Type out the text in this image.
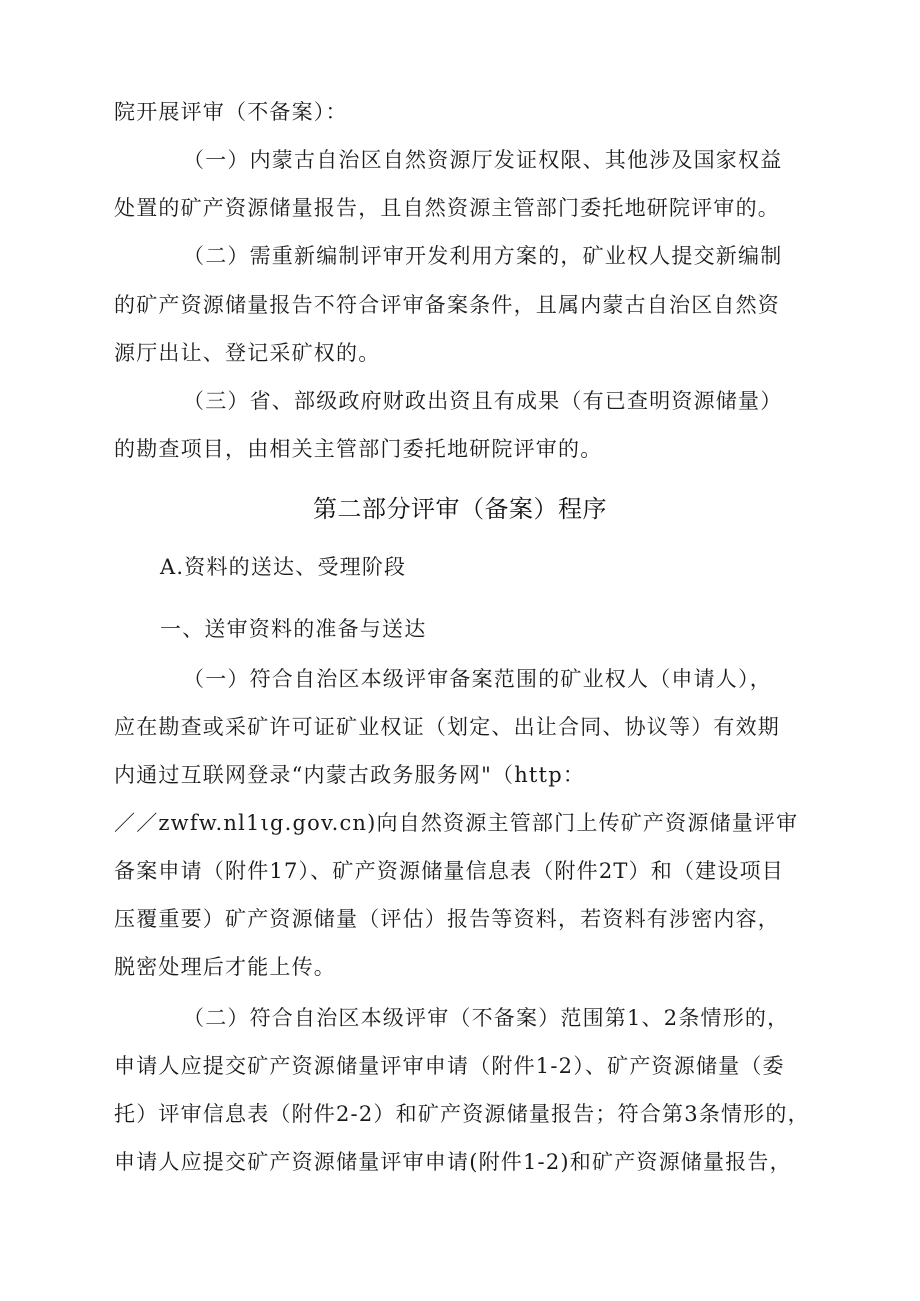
院开展评审（不备案）：
（一）内蒙古自治区自然资源厅发证权限、其他涉及国家权益
处置的矿产资源储量报告，且自然资源主管部门委托地研院评审的。
（二）需重新编制评审开发利用方案的，矿业权人提交新编制
的矿产资源储量报告不符合评审备案条件，且属内蒙古自治区自然资
源厅出让、登记采矿权的。
（三）省、部级政府财政出资且有成果（有已查明资源储量）
的勘查项目，由相关主管部门委托地研院评审的。
第二部分评审（备案）程序
A.资料的送达、受理阶段
一、送审资料的准备与送达
（一）符合自治区本级评审备案范围的矿业权人（申请人），
应在勘查或采矿许可证矿业权证（划定、出让合同、协议等）有效期
内通过互联网登录“内蒙古政务服务网"（http：
／／zwfw.nl1ιg.gov.cn)向自然资源主管部门上传矿产资源储量评审
备案申请（附件17）、矿产资源储量信息表（附件2T）和（建设项目
压覆重要）矿产资源储量（评估）报告等资料，若资料有涉密内容，
脱密处理后才能上传。
（二）符合自治区本级评审（不备案）范围第1、2条情形的，
申请人应提交矿产资源储量评审申请（附件1-2）、矿产资源储量（委
托）评审信息表（附件2-2）和矿产资源储量报告；符合第3条情形的，
申请人应提交矿产资源储量评审申请(附件1-2)和矿产资源储量报告，
